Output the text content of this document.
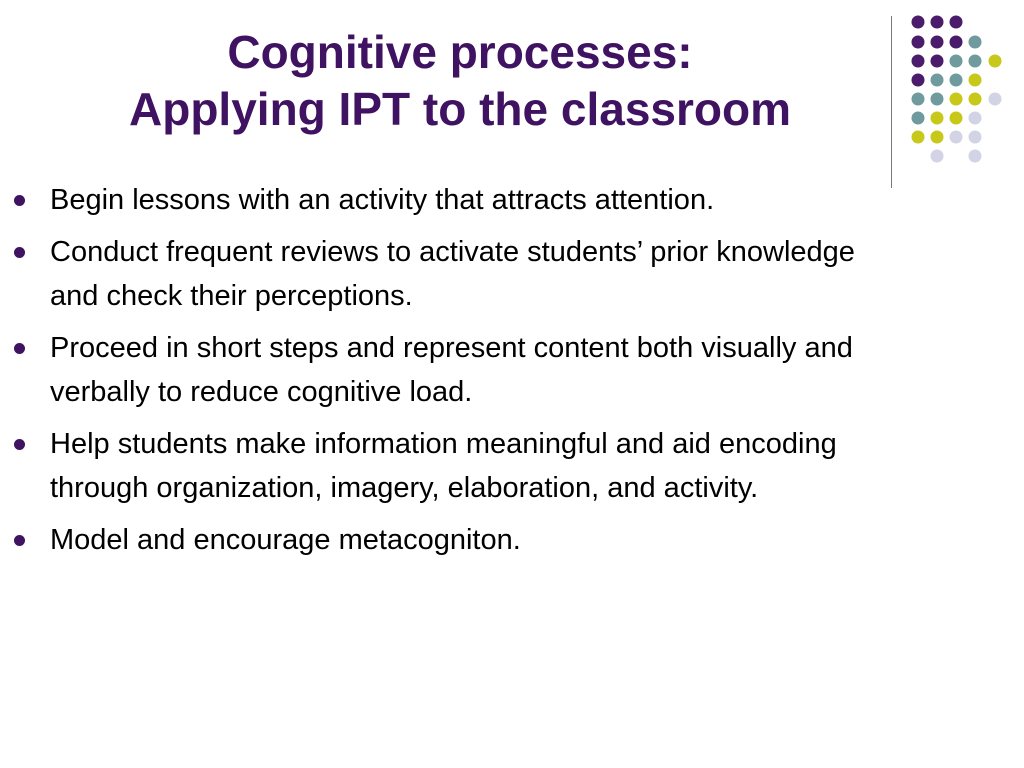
Cognitive processes:
Applying IPT to the classroom
Begin lessons with an activity that attracts attention.
Conduct frequent reviews to activate students’ prior knowledge and check their perceptions.
Proceed in short steps and represent content both visually and verbally to reduce cognitive load.
Help students make information meaningful and aid encoding through organization, imagery, elaboration, and activity.
Model and encourage metacogniton.
